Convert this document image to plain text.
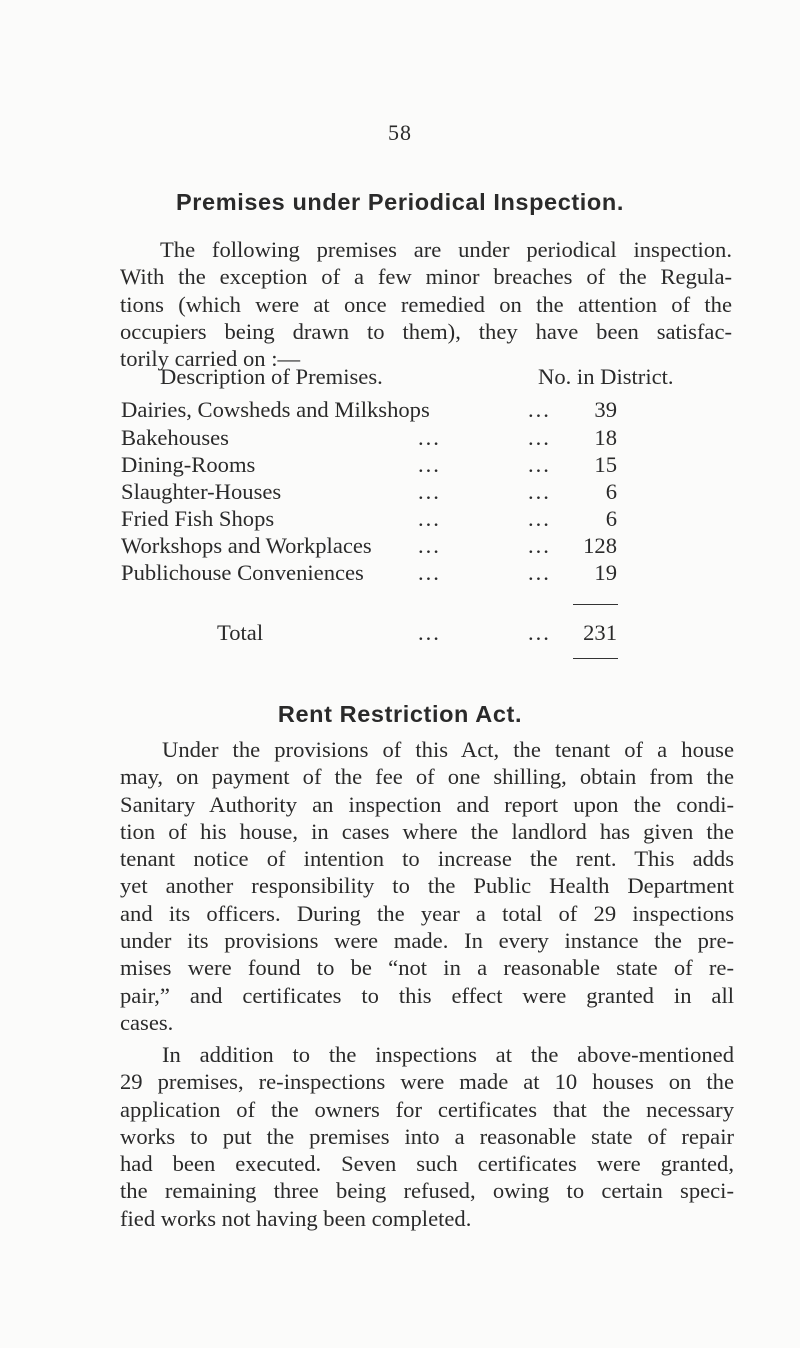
58
Premises under Periodical Inspection.
The following premises are under periodical inspection.
With the exception of a few minor breaches of the Regula-
tions (which were at once remedied on the attention of the
occupiers being drawn to them), they have been satisfac-
torily carried on :—
Description of Premises.	No. in District.
Dairies, Cowsheds and Milkshops	... 39
Bakehouses	...	... 18
Dining-Rooms	...	... 15
Slaughter-Houses	...	... 6
Fried Fish Shops	...	... 6
Workshops and Workplaces ...	... 128
Publichouse Conveniences ...	... 19
Total	...	... 231
Rent Restriction Act.
Under the provisions of this Act, the tenant of a house
may, on payment of the fee of one shilling, obtain from the
Sanitary Authority an inspection and report upon the condi-
tion of his house, in cases where the landlord has given the
tenant notice of intention to increase the rent. This adds
yet another responsibility to the Public Health Department
and its officers. During the year a total of 29 inspections
under its provisions were made. In every instance the pre-
mises were found to be “not in a reasonable state of re-
pair,” and certificates to this effect were granted in all
cases.
In addition to the inspections at the above-mentioned
29 premises, re-inspections were made at 10 houses on the
application of the owners for certificates that the necessary
works to put the premises into a reasonable state of repair
had been executed. Seven such certificates were granted,
the remaining three being refused, owing to certain speci-
fied works not having been completed.
